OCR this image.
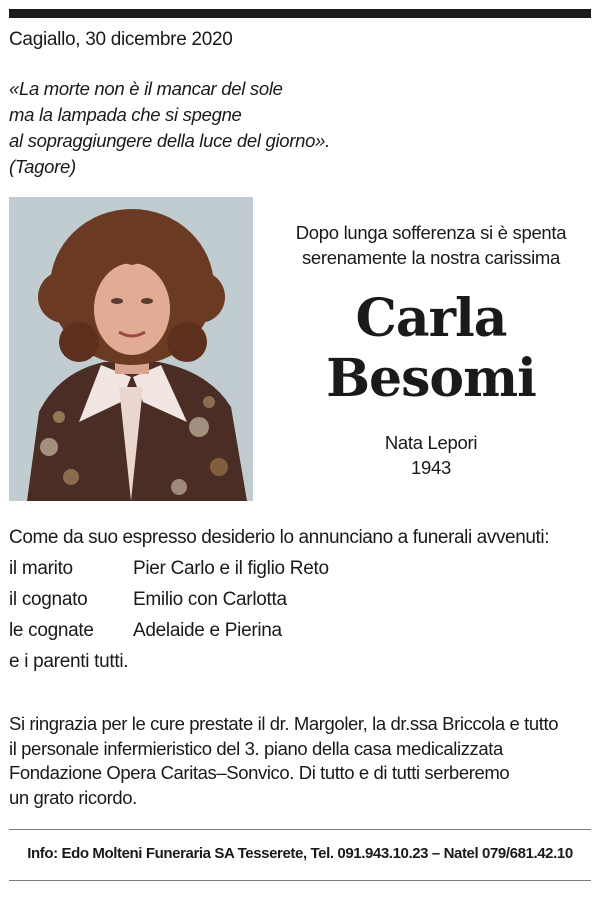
Cagiallo, 30 dicembre 2020
«La morte non è il mancar del sole
ma la lampada che si spegne
al sopraggiungere della luce del giorno».
(Tagore)
Dopo lunga sofferenza si è spenta
serenamente la nostra carissima
Carla
Besomi
Nata Lepori
1943
Come da suo espresso desiderio lo annunciano a funerali avvenuti:
il marito	Pier Carlo e il figlio Reto
il cognato Emilio con Carlotta
le cognate Adelaide e Pierina
e i parenti tutti.
Si ringrazia per le cure prestate il dr. Margoler, la dr.ssa Briccola e tutto
il personale infermieristico del 3. piano della casa medicalizzata
Fondazione Opera Caritas–Sonvico. Di tutto e di tutti serberemo
un grato ricordo.
Info: Edo Molteni Funeraria SA Tesserete, Tel. 091.943.10.23 – Natel 079/681.42.10
